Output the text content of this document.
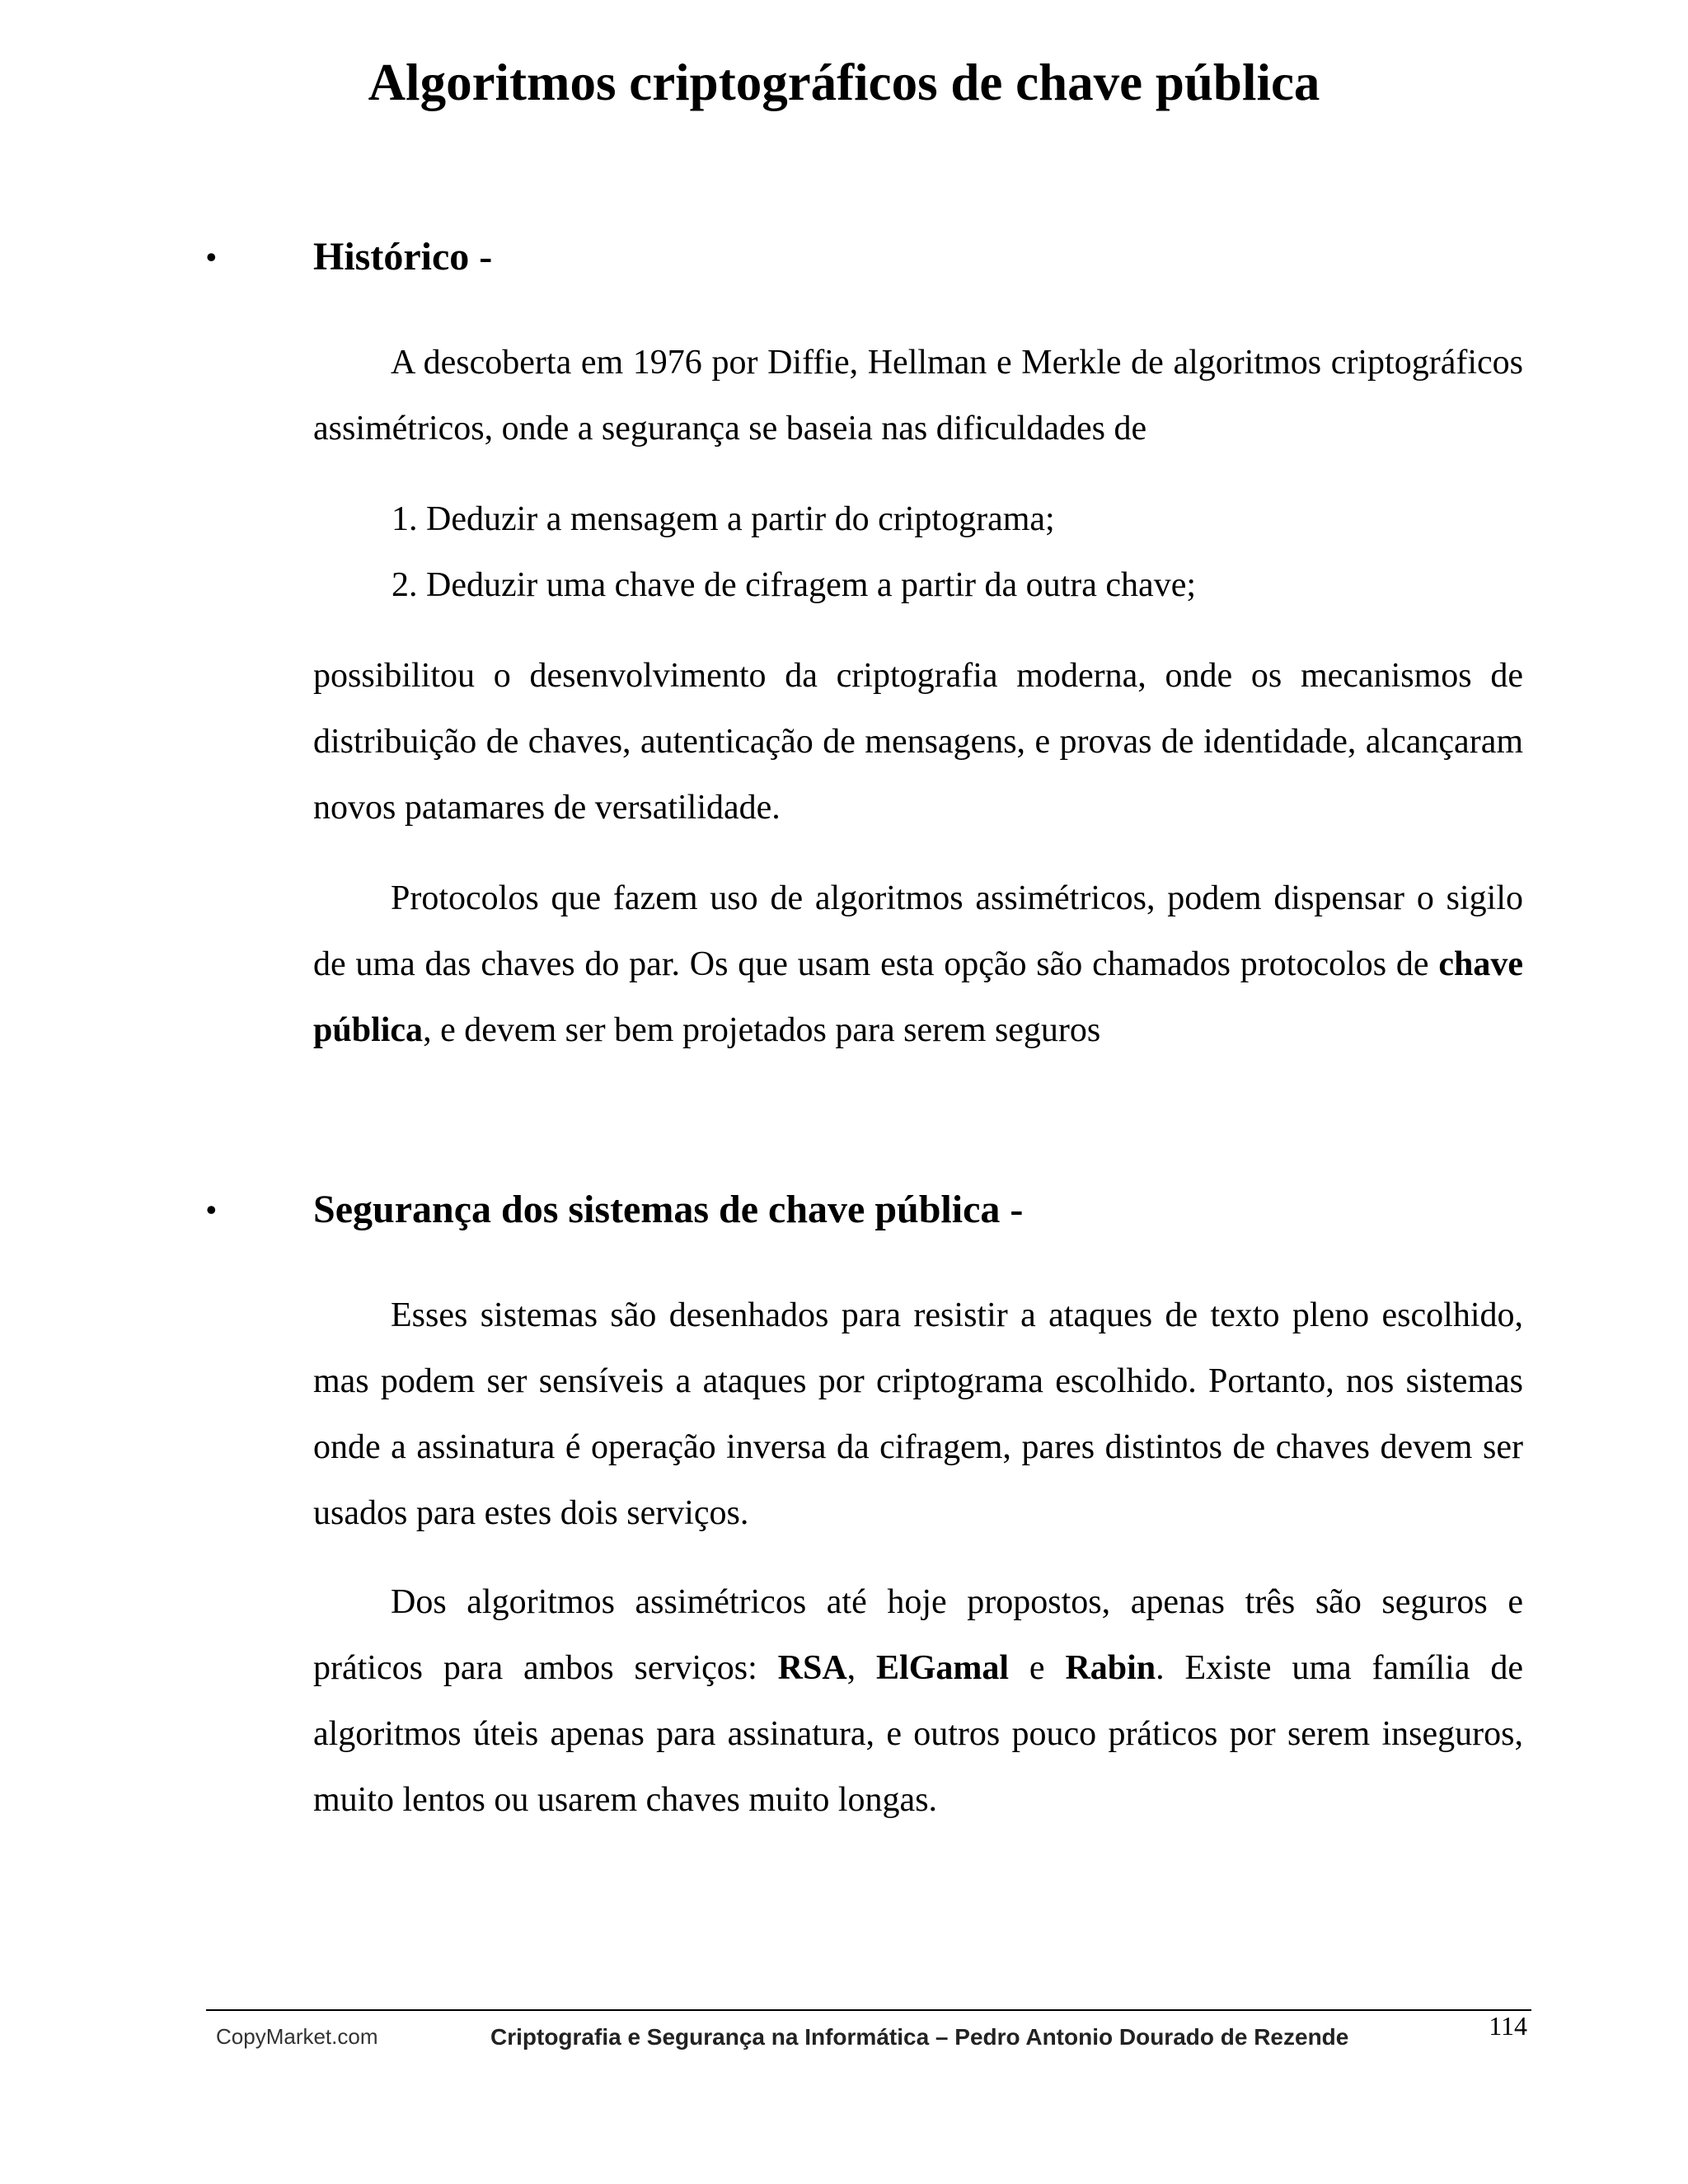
Algoritmos criptográficos de chave pública
• Histórico -

A descoberta em 1976 por Diffie, Hellman e Merkle de algoritmos criptográficos assimétricos, onde a segurança se baseia nas dificuldades de

1. Deduzir a mensagem a partir do criptograma;
2. Deduzir uma chave de cifragem a partir da outra chave;

possibilitou o desenvolvimento da criptografia moderna, onde os mecanismos de distribuição de chaves, autenticação de mensagens, e provas de identidade, alcançaram novos patamares de versatilidade.

Protocolos que fazem uso de algoritmos assimétricos, podem dispensar o sigilo de uma das chaves do par. Os que usam esta opção são chamados protocolos de chave pública, e devem ser bem projetados para serem seguros

• Segurança dos sistemas de chave pública -

Esses sistemas são desenhados para resistir a ataques de texto pleno escolhido, mas podem ser sensíveis a ataques por criptograma escolhido. Portanto, nos sistemas onde a assinatura é operação inversa da cifragem, pares distintos de chaves devem ser usados para estes dois serviços.

Dos algoritmos assimétricos até hoje propostos, apenas três são seguros e práticos para ambos serviços: RSA, ElGamal e Rabin. Existe uma família de algoritmos úteis apenas para assinatura, e outros pouco práticos por serem inseguros, muito lentos ou usarem chaves muito longas.

114
CopyMarket.com	Criptografia e Segurança na Informática – Pedro Antonio Dourado de Rezende
